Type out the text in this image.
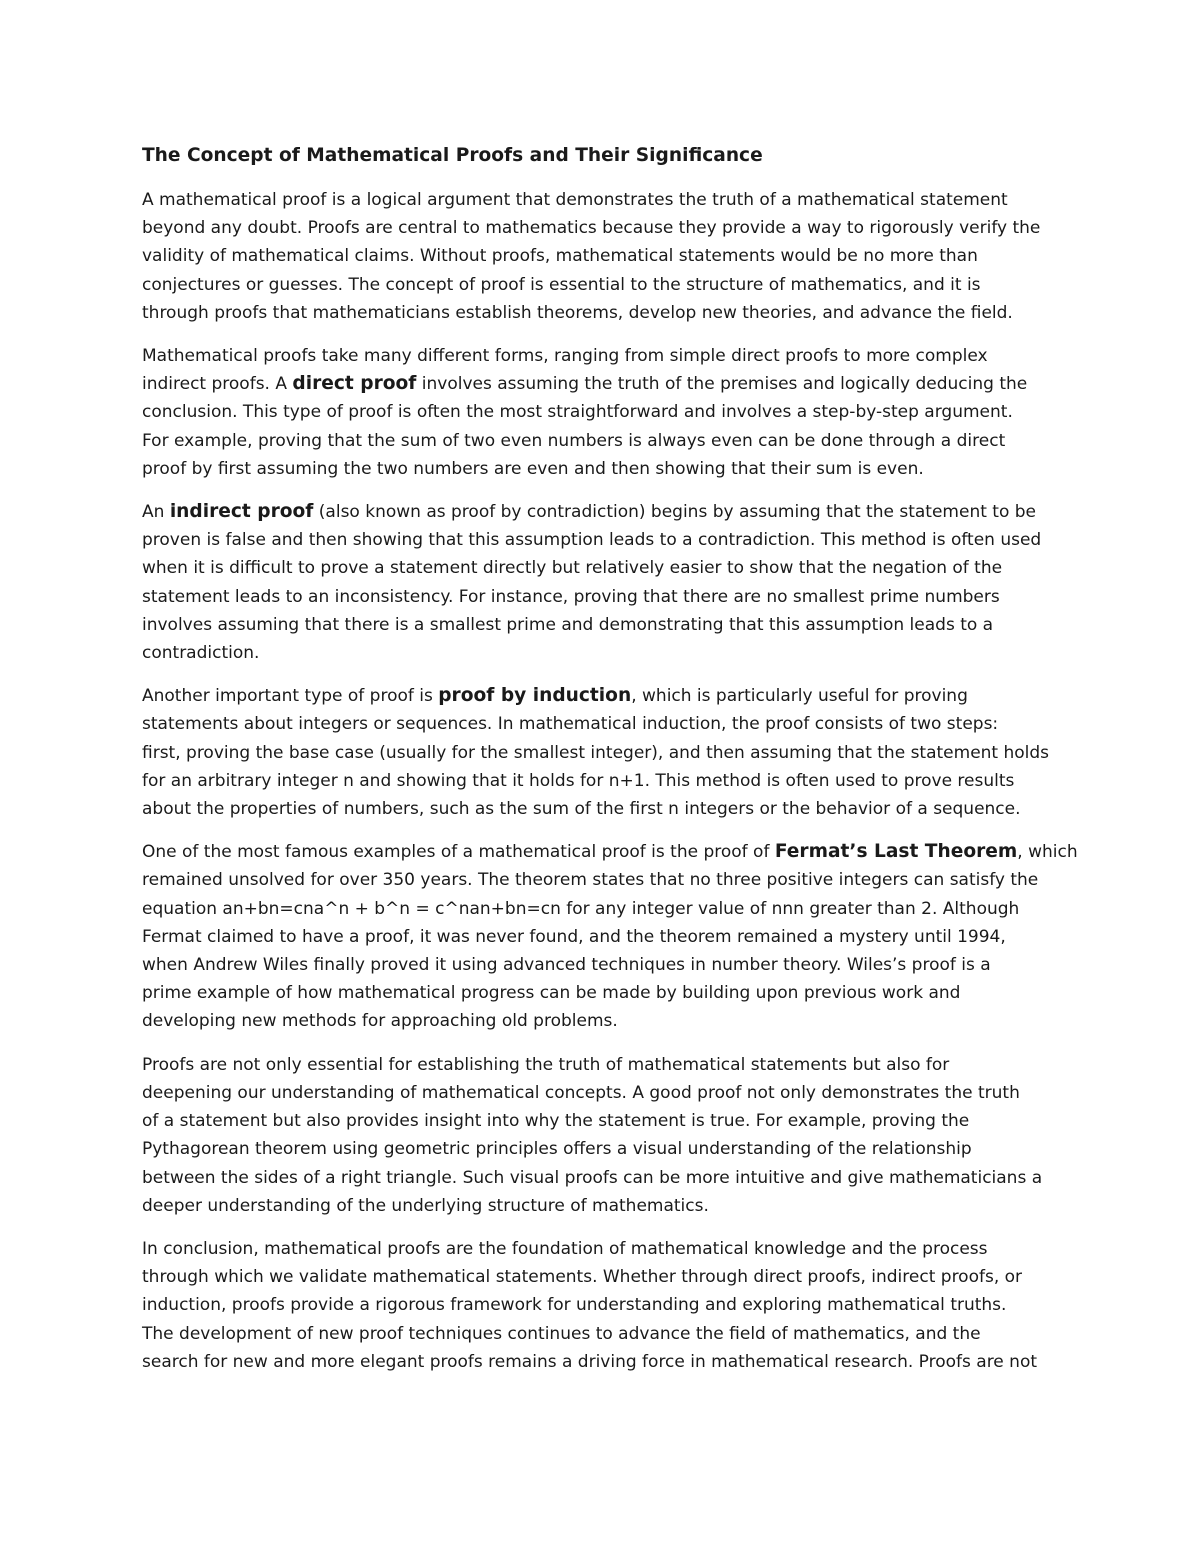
The Concept of Mathematical Proofs and Their Significance
A mathematical proof is a logical argument that demonstrates the truth of a mathematical statement
beyond any doubt. Proofs are central to mathematics because they provide a way to rigorously verify the
validity of mathematical claims. Without proofs, mathematical statements would be no more than
conjectures or guesses. The concept of proof is essential to the structure of mathematics, and it is
through proofs that mathematicians establish theorems, develop new theories, and advance the field.
Mathematical proofs take many different forms, ranging from simple direct proofs to more complex
indirect proofs. A direct proof involves assuming the truth of the premises and logically deducing the
conclusion. This type of proof is often the most straightforward and involves a step-by-step argument.
For example, proving that the sum of two even numbers is always even can be done through a direct
proof by first assuming the two numbers are even and then showing that their sum is even.
An indirect proof (also known as proof by contradiction) begins by assuming that the statement to be
proven is false and then showing that this assumption leads to a contradiction. This method is often used
when it is difficult to prove a statement directly but relatively easier to show that the negation of the
statement leads to an inconsistency. For instance, proving that there are no smallest prime numbers
involves assuming that there is a smallest prime and demonstrating that this assumption leads to a
contradiction.
Another important type of proof is proof by induction, which is particularly useful for proving
statements about integers or sequences. In mathematical induction, the proof consists of two steps:
first, proving the base case (usually for the smallest integer), and then assuming that the statement holds
for an arbitrary integer n and showing that it holds for n+1. This method is often used to prove results
about the properties of numbers, such as the sum of the first n integers or the behavior of a sequence.
One of the most famous examples of a mathematical proof is the proof of Fermat’s Last Theorem, which
remained unsolved for over 350 years. The theorem states that no three positive integers can satisfy the
equation an+bn=cna^n + b^n = c^nan+bn=cn for any integer value of nnn greater than 2. Although
Fermat claimed to have a proof, it was never found, and the theorem remained a mystery until 1994,
when Andrew Wiles finally proved it using advanced techniques in number theory. Wiles’s proof is a
prime example of how mathematical progress can be made by building upon previous work and
developing new methods for approaching old problems.
Proofs are not only essential for establishing the truth of mathematical statements but also for
deepening our understanding of mathematical concepts. A good proof not only demonstrates the truth
of a statement but also provides insight into why the statement is true. For example, proving the
Pythagorean theorem using geometric principles offers a visual understanding of the relationship
between the sides of a right triangle. Such visual proofs can be more intuitive and give mathematicians a
deeper understanding of the underlying structure of mathematics.
In conclusion, mathematical proofs are the foundation of mathematical knowledge and the process
through which we validate mathematical statements. Whether through direct proofs, indirect proofs, or
induction, proofs provide a rigorous framework for understanding and exploring mathematical truths.
The development of new proof techniques continues to advance the field of mathematics, and the
search for new and more elegant proofs remains a driving force in mathematical research. Proofs are not
